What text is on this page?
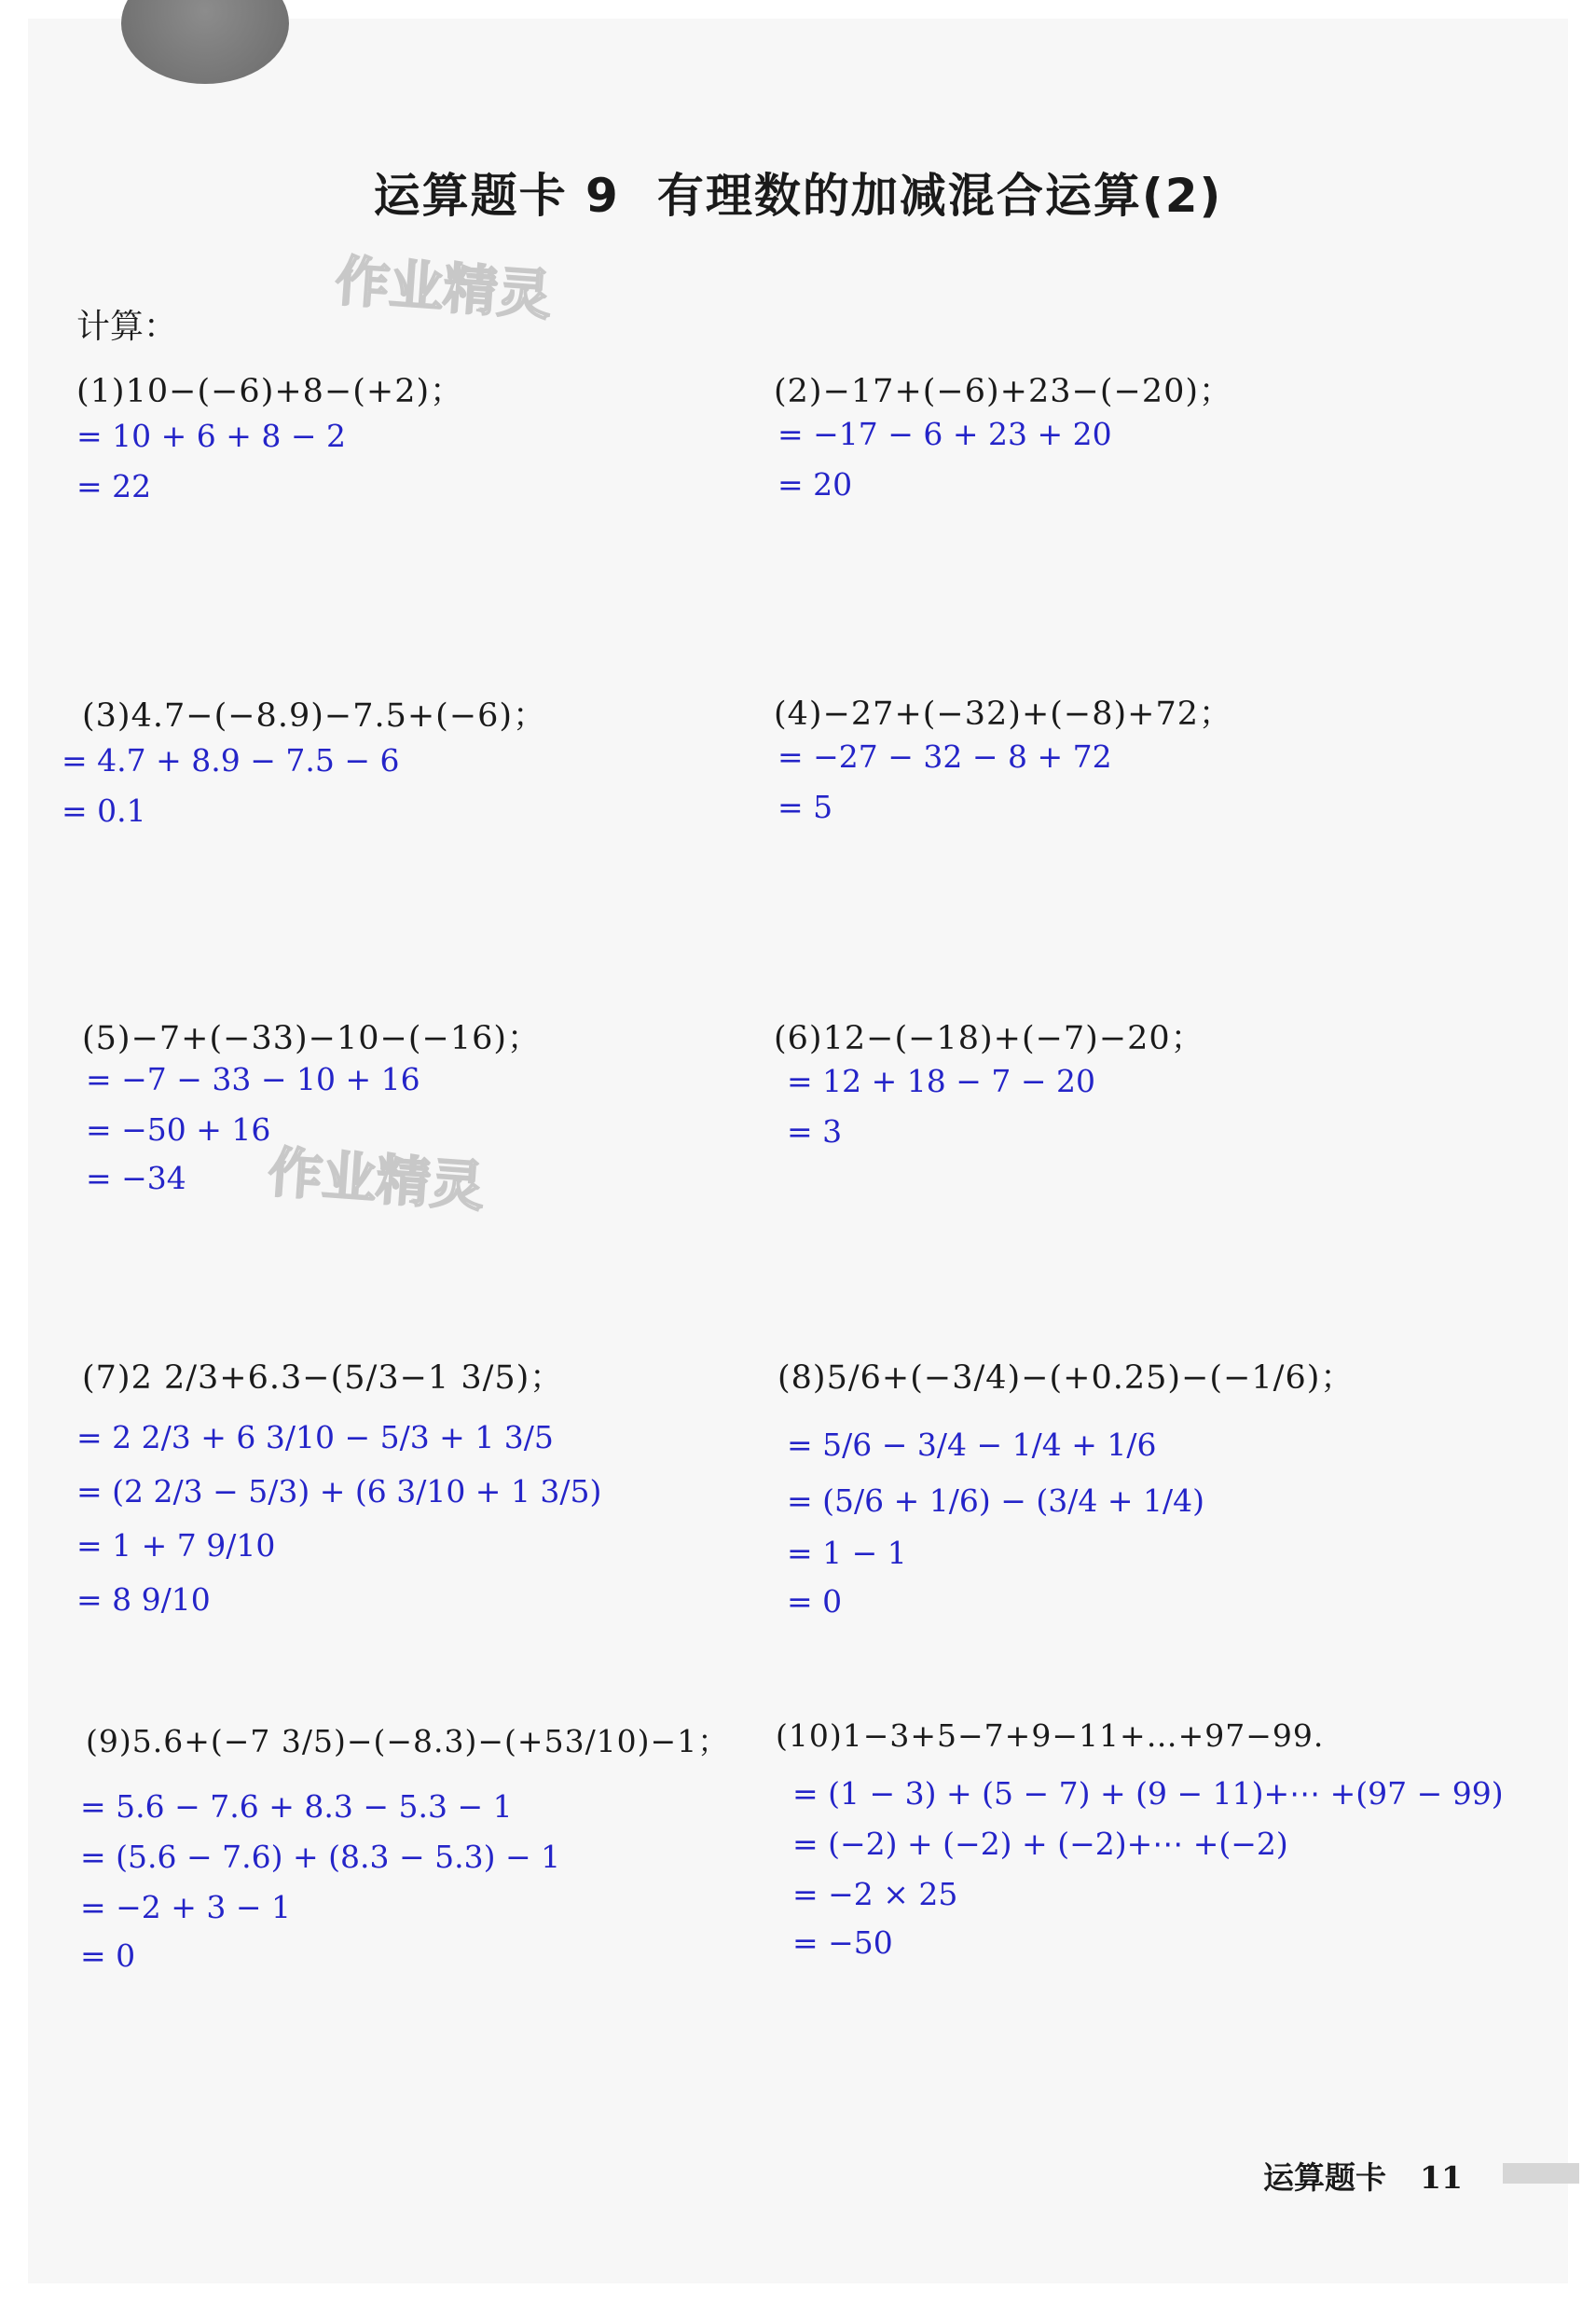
运算题卡 9 有理数的加减混合运算(2)
作业精灵
作业精灵
计算：
(1)10−(−6)+8−(+2)；
= 10 + 6 + 8 − 2
= 22
(2)−17+(−6)+23−(−20)；
= −17 − 6 + 23 + 20
= 20
(3)4.7−(−8.9)−7.5+(−6)；
= 4.7 + 8.9 − 7.5 − 6
= 0.1
(4)−27+(−32)+(−8)+72；
= −27 − 32 − 8 + 72
= 5
(5)−7+(−33)−10−(−16)；
= −7 − 33 − 10 + 16
= −50 + 16
= −34
(6)12−(−18)+(−7)−20；
= 12 + 18 − 7 − 20
= 3
(7)2 2/3+6.3−(5/3−1 3/5)；
= 2 2/3 + 6 3/10 − 5/3 + 1 3/5
= (2 2/3 − 5/3) + (6 3/10 + 1 3/5)
= 1 + 7 9/10
= 8 9/10
(8)5/6+(−3/4)−(+0.25)−(−1/6)；
= 5/6 − 3/4 − 1/4 + 1/6
= (5/6 + 1/6) − (3/4 + 1/4)
= 1 − 1
= 0
(9)5.6+(−7 3/5)−(−8.3)−(+53/10)−1；
= 5.6 − 7.6 + 8.3 − 5.3 − 1
= (5.6 − 7.6) + (8.3 − 5.3) − 1
= −2 + 3 − 1
= 0
(10)1−3+5−7+9−11+…+97−99.
= (1 − 3) + (5 − 7) + (9 − 11)+⋯ +(97 − 99)
= (−2) + (−2) + (−2)+⋯ +(−2)
= −2 × 25
= −50
运算题卡 11
